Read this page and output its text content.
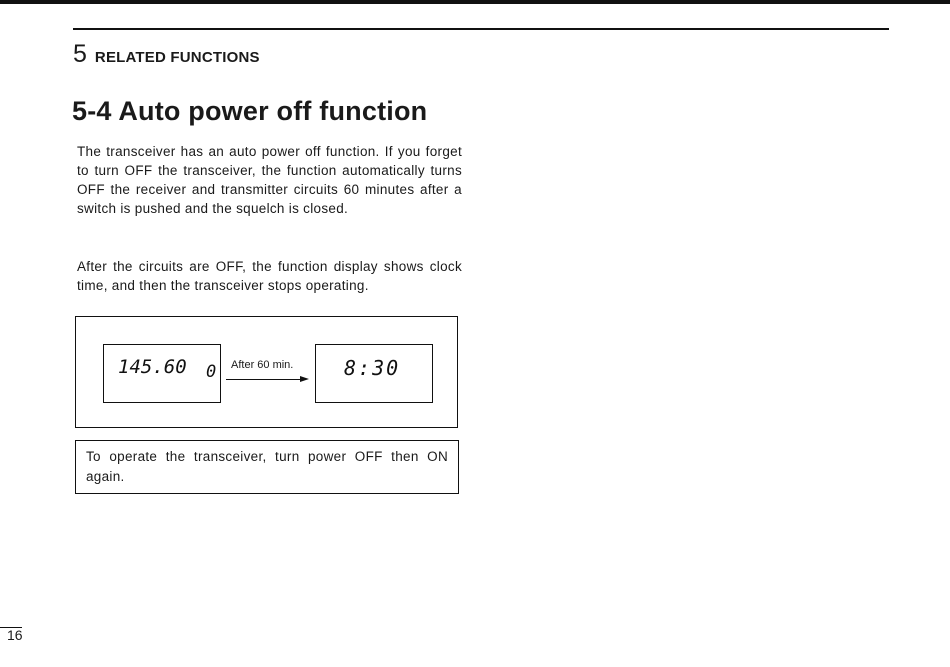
5 RELATED FUNCTIONS
5-4 Auto power off function

The transceiver has an auto power off function. If you forget to turn OFF the transceiver, the function automatically turns OFF the receiver and transmitter circuits 60 minutes after a switch is pushed and the squelch is closed.

After the circuits are OFF, the function display shows clock time, and then the transceiver stops operating.

145.60 0 After 60 min.	8:30
To operate the transceiver, turn power OFF then ON again.
16
